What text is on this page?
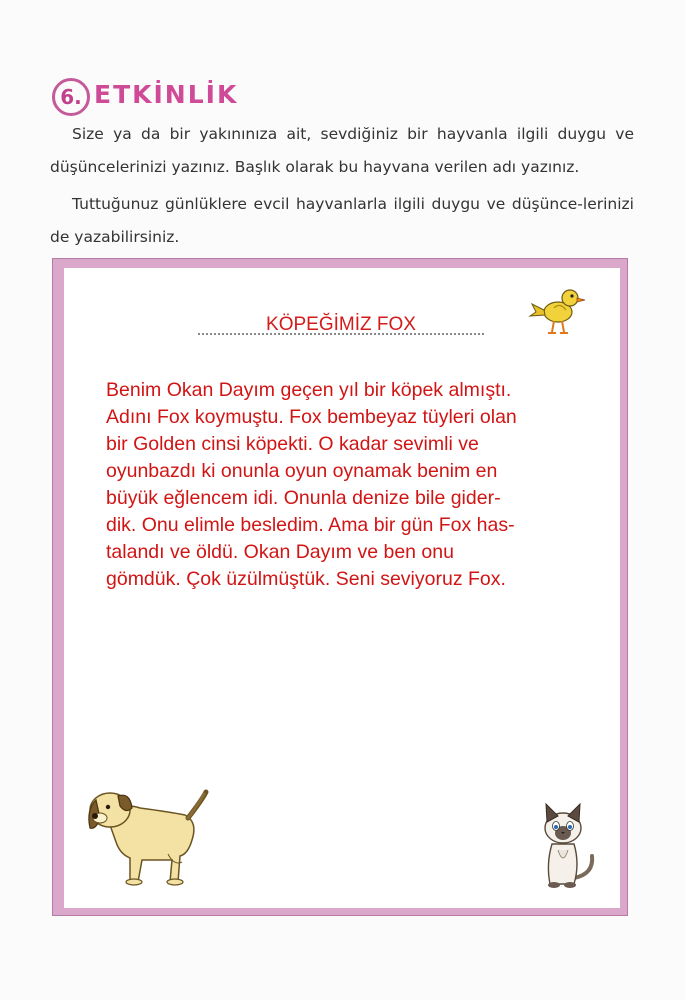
6. ETKİNLİK

Size ya da bir yakınınıza ait, sevdiğiniz bir hayvanla ilgili duygu ve düşüncelerinizi yazınız. Başlık olarak bu hayvana verilen adı yazınız.

Tuttuğunuz günlüklere evcil hayvanlarla ilgili duygu ve düşünce-lerinizi de yazabilirsiniz.

KÖPEĞİMİZ FOX
Benim Okan Dayım geçen yıl bir köpek almıştı.
Adını Fox koymuştu. Fox bembeyaz tüyleri olan
bir Golden cinsi köpekti. O kadar sevimli ve
oyunbazdı ki onunla oyun oynamak benim en
büyük eğlencem idi. Onunla denize bile gider-
dik. Onu elimle besledim. Ama bir gün Fox has-
talandı ve öldü. Okan Dayım ve ben onu
gömdük. Çok üzülmüştük. Seni seviyoruz Fox.
